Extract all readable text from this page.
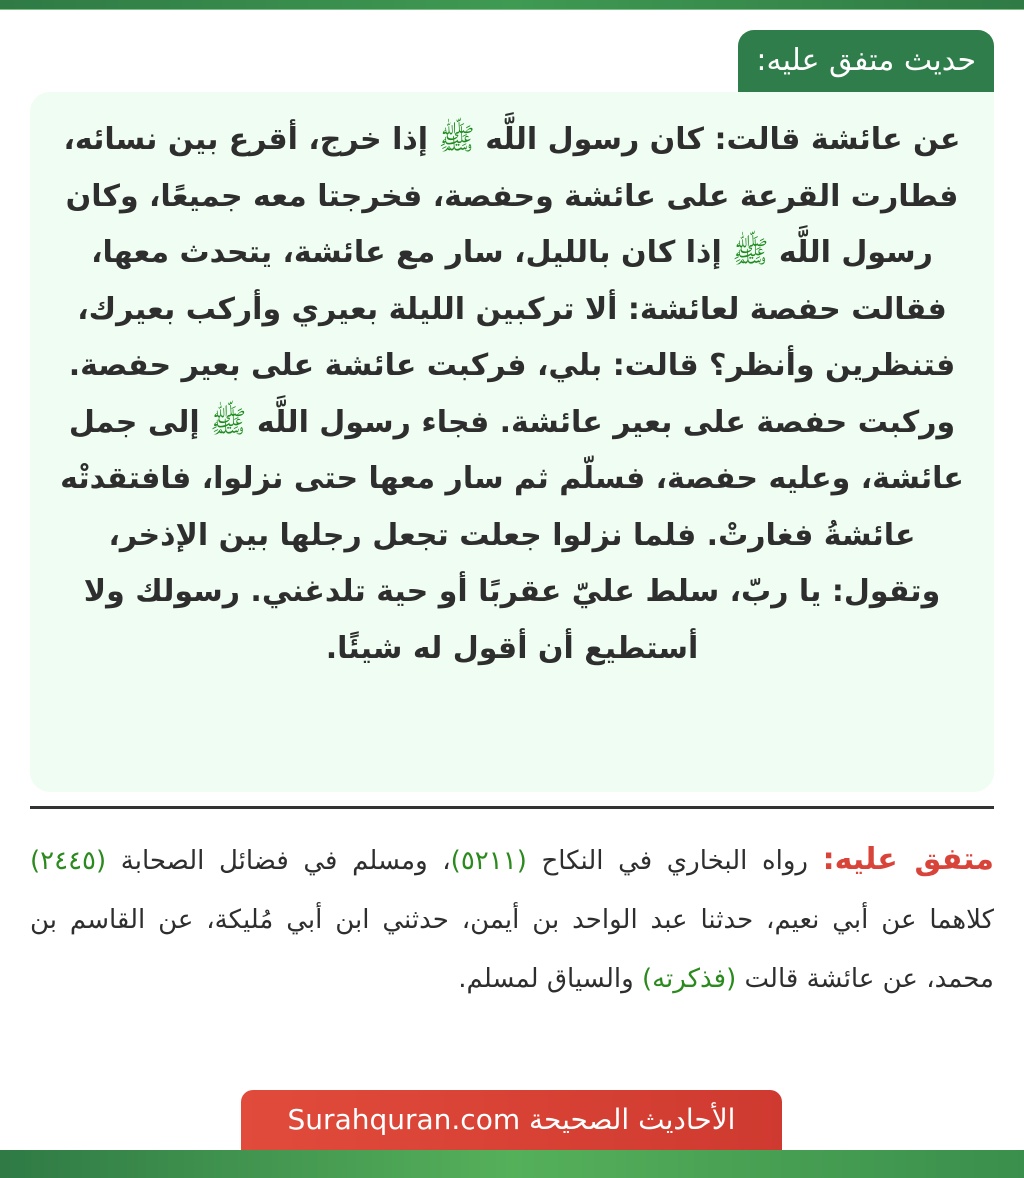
حديث متفق عليه:

عن عائشة قالت: كان رسول اللَّه ﷺ إذا خرج، أقرع بين نسائه، فطارت القرعة على عائشة وحفصة، فخرجتا معه جميعًا، وكان رسول اللَّه ﷺ إذا كان بالليل، سار مع عائشة، يتحدث معها، فقالت حفصة لعائشة: ألا تركبين الليلة بعيري وأركب بعيرك، فتنظرين وأنظر؟ قالت: بلي، فركبت عائشة على بعير حفصة. وركبت حفصة على بعير عائشة. فجاء رسول اللَّه ﷺ إلى جمل عائشة، وعليه حفصة، فسلّم ثم سار معها حتى نزلوا، فافتقدتْه عائشةُ فغارتْ. فلما نزلوا جعلت تجعل رجلها بين الإذخر، وتقول: يا ربّ، سلط عليّ عقربًا أو حية تلدغني. رسولك ولا أستطيع أن أقول له شيئًا.

متفق عليه: رواه البخاري في النكاح (٥٢١١)، ومسلم في فضائل الصحابة (٢٤٤٥) كلاهما عن أبي نعيم، حدثنا عبد الواحد بن أيمن، حدثني ابن أبي مُليكة، عن القاسم بن محمد، عن عائشة قالت (فذكرته) والسياق لمسلم.

الأحاديث الصحيحة Surahquran.com
